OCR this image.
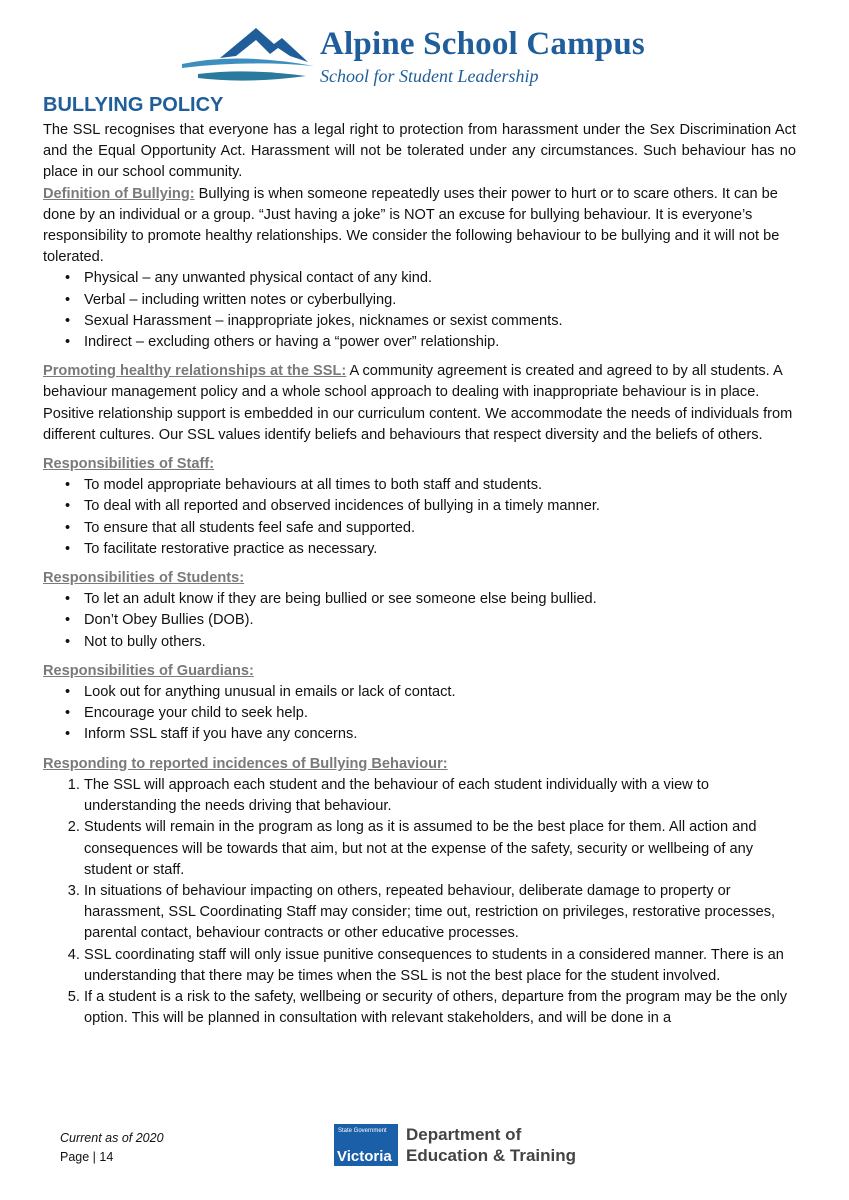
Alpine School Campus
School for Student Leadership
BULLYING POLICY

The SSL recognises that everyone has a legal right to protection from harassment under the Sex Discrimination Act and the Equal Opportunity Act. Harassment will not be tolerated under any circumstances. Such behaviour has no place in our school community.

Definition of Bullying: Bullying is when someone repeatedly uses their power to hurt or to scare others. It can be done by an individual or a group. “Just having a joke” is NOT an excuse for bullying behaviour. It is everyone’s responsibility to promote healthy relationships. We consider the following behaviour to be bullying and it will not be tolerated.

• Physical – any unwanted physical contact of any kind.
• Verbal – including written notes or cyberbullying.
• Sexual Harassment – inappropriate jokes, nicknames or sexist comments.
• Indirect – excluding others or having a “power over” relationship.

Promoting healthy relationships at the SSL: A community agreement is created and agreed to by all students. A behaviour management policy and a whole school approach to dealing with inappropriate behaviour is in place. Positive relationship support is embedded in our curriculum content. We accommodate the needs of individuals from different cultures. Our SSL values identify beliefs and behaviours that respect diversity and the beliefs of others.

Responsibilities of Staff:

• To model appropriate behaviours at all times to both staff and students.
• To deal with all reported and observed incidences of bullying in a timely manner.
• To ensure that all students feel safe and supported.
• To facilitate restorative practice as necessary.

Responsibilities of Students:

• To let an adult know if they are being bullied or see someone else being bullied.
• Don’t Obey Bullies (DOB).
• Not to bully others.

Responsibilities of Guardians:

• Look out for anything unusual in emails or lack of contact.
• Encourage your child to seek help.
• Inform SSL staff if you have any concerns.

Responding to reported incidences of Bullying Behaviour:

1. The SSL will approach each student and the behaviour of each student individually with a view to understanding the needs driving that behaviour.
2. Students will remain in the program as long as it is assumed to be the best place for them. All action and consequences will be towards that aim, but not at the expense of the safety, security or wellbeing of any student or staff.
3. In situations of behaviour impacting on others, repeated behaviour, deliberate damage to property or harassment, SSL Coordinating Staff may consider; time out, restriction on privileges, restorative processes, parental contact, behaviour contracts or other educative processes.
4. SSL coordinating staff will only issue punitive consequences to students in a considered manner. There is an understanding that there may be times when the SSL is not the best place for the student involved.
5. If a student is a risk to the safety, wellbeing or security of others, departure from the program may be the only option. This will be planned in consultation with relevant stakeholders, and will be done in a
Current as of 2020
Page | 14
State Government
Victoria
Department of
Education & Training
